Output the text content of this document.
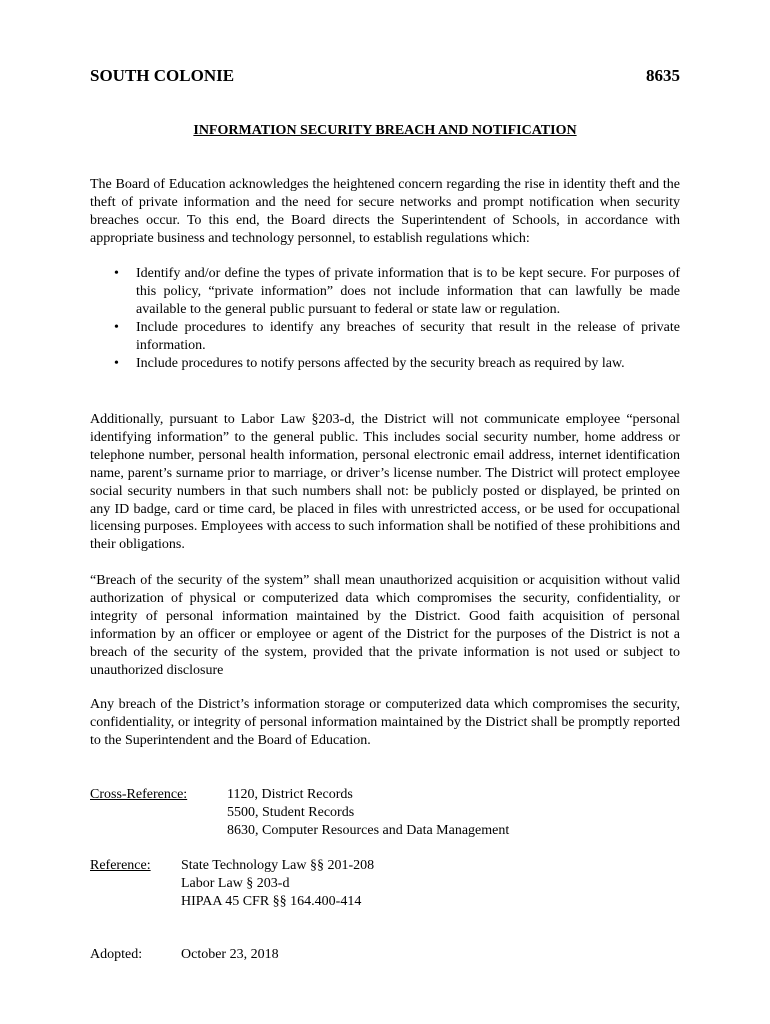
SOUTH COLONIE	8635
INFORMATION SECURITY BREACH AND NOTIFICATION

The Board of Education acknowledges the heightened concern regarding the rise in identity theft and the theft of private information and the need for secure networks and prompt notification when security breaches occur. To this end, the Board directs the Superintendent of Schools, in accordance with appropriate business and technology personnel, to establish regulations which:

• Identify and/or define the types of private information that is to be kept secure. For purposes of this policy, “private information” does not include information that can lawfully be made available to the general public pursuant to federal or state law or regulation.
• Include procedures to identify any breaches of security that result in the release of private information.
• Include procedures to notify persons affected by the security breach as required by law.

Additionally, pursuant to Labor Law §203-d, the District will not communicate employee “personal identifying information” to the general public. This includes social security number, home address or telephone number, personal health information, personal electronic email address, internet identification name, parent’s surname prior to marriage, or driver’s license number. The District will protect employee social security numbers in that such numbers shall not: be publicly posted or displayed, be printed on any ID badge, card or time card, be placed in files with unrestricted access, or be used for occupational licensing purposes. Employees with access to such information shall be notified of these prohibitions and their obligations.

“Breach of the security of the system” shall mean unauthorized acquisition or acquisition without valid authorization of physical or computerized data which compromises the security, confidentiality, or integrity of personal information maintained by the District. Good faith acquisition of personal information by an officer or employee or agent of the District for the purposes of the District is not a breach of the security of the system, provided that the private information is not used or subject to unauthorized disclosure

Any breach of the District’s information storage or computerized data which compromises the security, confidentiality, or integrity of personal information maintained by the District shall be promptly reported to the Superintendent and the Board of Education.

Cross-Reference:	1120, District Records
5500, Student Records
8630, Computer Resources and Data Management
Reference: State Technology Law §§ 201-208
Labor Law § 203-d
HIPAA 45 CFR §§ 164.400-414
Adopted:	October 23, 2018
